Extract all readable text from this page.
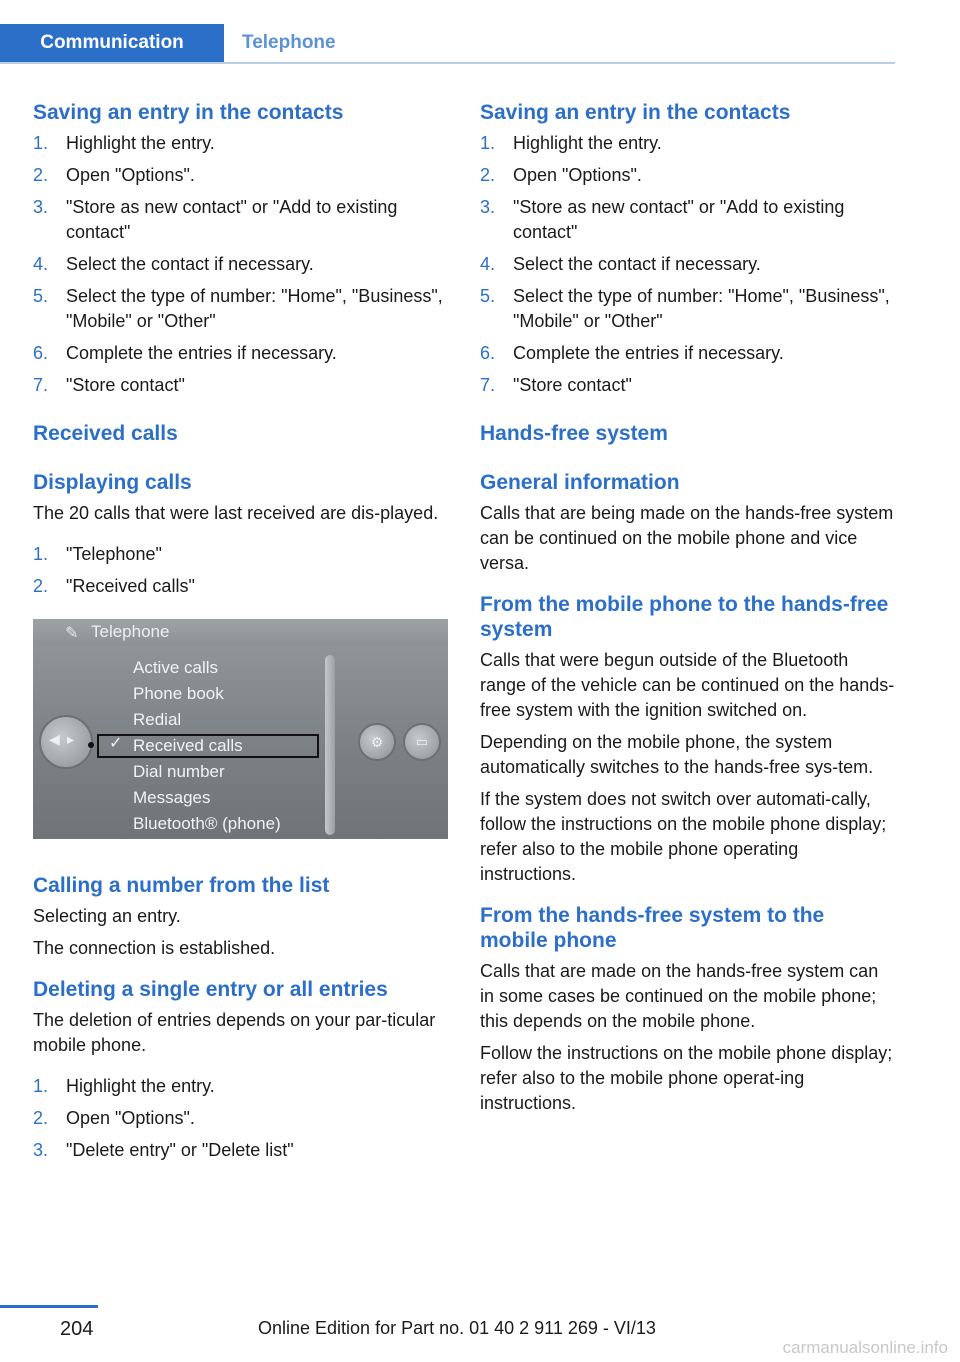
Communication	Telephone
Saving an entry in the contacts
1. Highlight the entry.
2. Open "Options".
3. "Store as new contact" or "Add to existing contact"
4. Select the contact if necessary.
5. Select the type of number: "Home", "Business", "Mobile" or "Other"
6. Complete the entries if necessary.
7. "Store contact"
Received calls
Displaying calls

The 20 calls that were last received are dis-played.

1. "Telephone"
2. "Received calls"
✎ Telephone
◀ ▸ ✓
Active calls
Phone book
Redial
Received calls
Dial number
Messages
Bluetooth® (phone)
⚙	▭
Calling a number from the list

Selecting an entry.

The connection is established.

Deleting a single entry or all entries

The deletion of entries depends on your par-ticular mobile phone.

1. Highlight the entry.
2. Open "Options".
3. "Delete entry" or "Delete list"
Saving an entry in the contacts
1. Highlight the entry.
2. Open "Options".
3. "Store as new contact" or "Add to existing contact"
4. Select the contact if necessary.
5. Select the type of number: "Home", "Business", "Mobile" or "Other"
6. Complete the entries if necessary.
7. "Store contact"
Hands-free system
General information

Calls that are being made on the hands-free system can be continued on the mobile phone and vice versa.

From the mobile phone to the hands-free system

Calls that were begun outside of the Bluetooth range of the vehicle can be continued on the hands-free system with the ignition switched on.

Depending on the mobile phone, the system automatically switches to the hands-free sys-tem.

If the system does not switch over automati-cally, follow the instructions on the mobile phone display; refer also to the mobile phone operating instructions.

From the hands-free system to the mobile phone

Calls that are made on the hands-free system can in some cases be continued on the mobile phone; this depends on the mobile phone.

Follow the instructions on the mobile phone display; refer also to the mobile phone operat-ing instructions.

204	Online Edition for Part no. 01 40 2 911 269 - VI/13
carmanualsonline.info
